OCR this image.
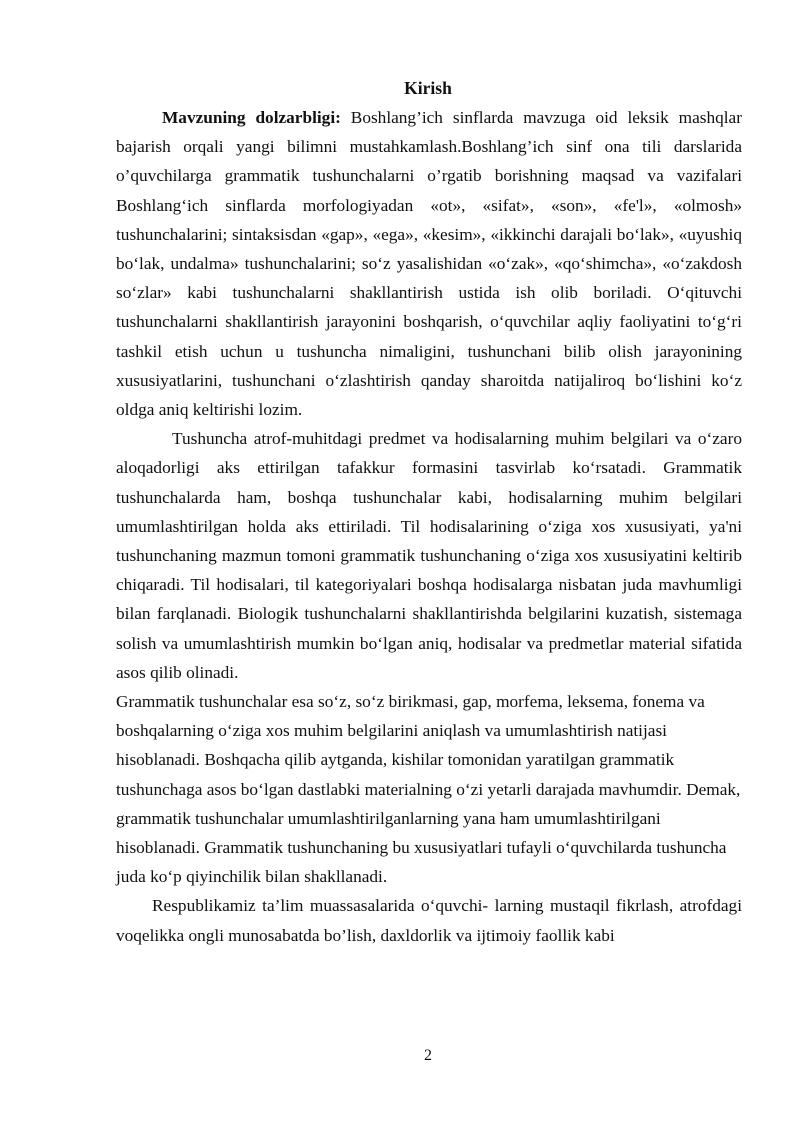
Kirish

Mavzuning dolzarbligi: Boshlang’ich sinflarda mavzuga oid leksik mashqlar bajarish orqali yangi bilimni mustahkamlash.Boshlang’ich sinf ona tili darslarida o’quvchilarga grammatik tushunchalarni o’rgatib borishning maqsad va vazifalari Boshlangʻich sinflarda morfologiyadan «ot», «sifat», «son», «fe'l», «olmosh» tushunchalarini; sintaksisdan «gap», «ega», «kesim», «ikkinchi darajali boʻlak», «uyushiq boʻlak, undalma» tushunchalarini; soʻz yasalishidan «oʻzak», «qoʻshimcha», «oʻzakdosh soʻzlar» kabi tushunchalarni shakllantirish ustida ish olib boriladi. Oʻqituvchi tushunchalarni shakllantirish jarayonini boshqarish, oʻquvchilar aqliy faoliyatini toʻgʻri tashkil etish uchun u tushuncha nimaligini, tushunchani bilib olish jarayonining xususiyatlarini, tushunchani oʻzlashtirish qanday sharoitda natijaliroq boʻlishini koʻz oldga aniq keltirishi lozim.

Tushuncha atrof-muhitdagi predmet va hodisalarning muhim belgilari va oʻzaro aloqadorligi aks ettirilgan tafakkur formasini tasvirlab koʻrsatadi. Grammatik tushunchalarda ham, boshqa tushunchalar kabi, hodisalarning muhim belgilari umumlashtirilgan holda aks ettiriladi. Til hodisalarining oʻziga xos xususiyati, ya'ni tushunchaning mazmun tomoni grammatik tushunchaning oʻziga xos xususiyatini keltirib chiqaradi. Til hodisalari, til kategoriyalari boshqa hodisalarga nisbatan juda mavhumligi bilan farqlanadi. Biologik tushunchalarni shakllantirishda belgilarini kuzatish, sistemaga solish va umumlashtirish mumkin boʻlgan aniq, hodisalar va predmetlar material sifatida asos qilib olinadi.

Grammatik tushunchalar esa soʻz, soʻz birikmasi, gap, morfema, leksema, fonema va boshqalarning oʻziga xos muhim belgilarini aniqlash va umumlashtirish natijasi hisoblanadi. Boshqacha qilib aytganda, kishilar tomonidan yaratilgan grammatik tushunchaga asos boʻlgan dastlabki materialning oʻzi yetarli darajada mavhumdir. Demak, grammatik tushunchalar umumlashtirilganlarning yana ham umumlashtirilgani hisoblanadi. Grammatik tushunchaning bu xususiyatlari tufayli oʻquvchilarda tushuncha juda koʻp qiyinchilik bilan shakllanadi.

Respublikamiz ta’lim muassasalarida oʻquvchi- larning mustaqil fikrlash, atrofdagi voqelikka ongli munosabatda bo’lish, daxldorlik va ijtimoiy faollik kabi

2
